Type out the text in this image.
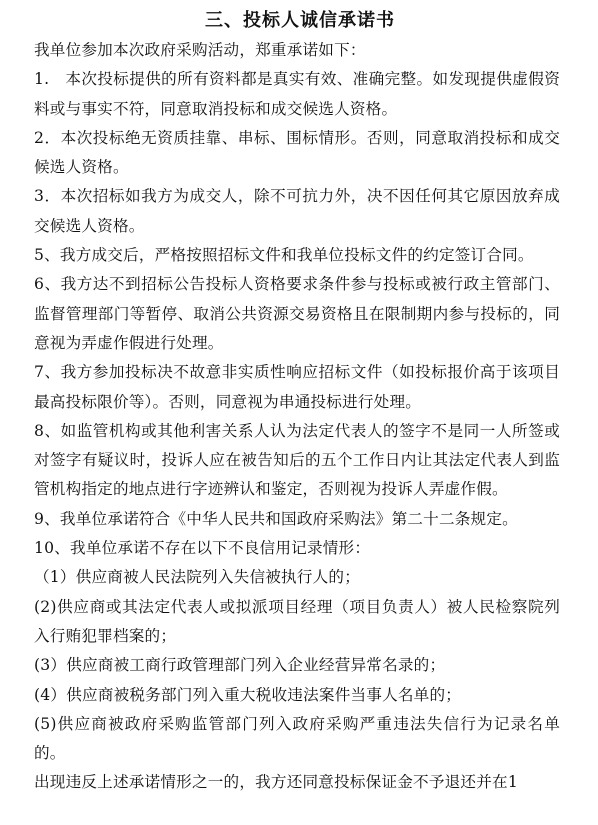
三、投标人诚信承诺书

我单位参加本次政府采购活动，郑重承诺如下：

1.　本次投标提供的所有资料都是真实有效、准确完整。如发现提供虚假资料或与事实不符，同意取消投标和成交候选人资格。

2．本次投标绝无资质挂靠、串标、围标情形。否则，同意取消投标和成交候选人资格。

3．本次招标如我方为成交人，除不可抗力外，决不因任何其它原因放弃成交候选人资格。

5、我方成交后，严格按照招标文件和我单位投标文件的约定签订合同。

6、我方达不到招标公告投标人资格要求条件参与投标或被行政主管部门、监督管理部门等暂停、取消公共资源交易资格且在限制期内参与投标的，同意视为弄虚作假进行处理。

7、我方参加投标决不故意非实质性响应招标文件（如投标报价高于该项目最高投标限价等）。否则，同意视为串通投标进行处理。

8、如监管机构或其他利害关系人认为法定代表人的签字不是同一人所签或对签字有疑议时，投诉人应在被告知后的五个工作日内让其法定代表人到监管机构指定的地点进行字迹辨认和鉴定，否则视为投诉人弄虚作假。

9、我单位承诺符合《中华人民共和国政府采购法》第二十二条规定。

10、我单位承诺不存在以下不良信用记录情形：

（1）供应商被人民法院列入失信被执行人的；

(2)供应商或其法定代表人或拟派项目经理（项目负责人）被人民检察院列入行贿犯罪档案的；

(3）供应商被工商行政管理部门列入企业经营异常名录的；

(4）供应商被税务部门列入重大税收违法案件当事人名单的；

(5)供应商被政府采购监管部门列入政府采购严重违法失信行为记录名单的。

出现违反上述承诺情形之一的，我方还同意投标保证金不予退还并在1
